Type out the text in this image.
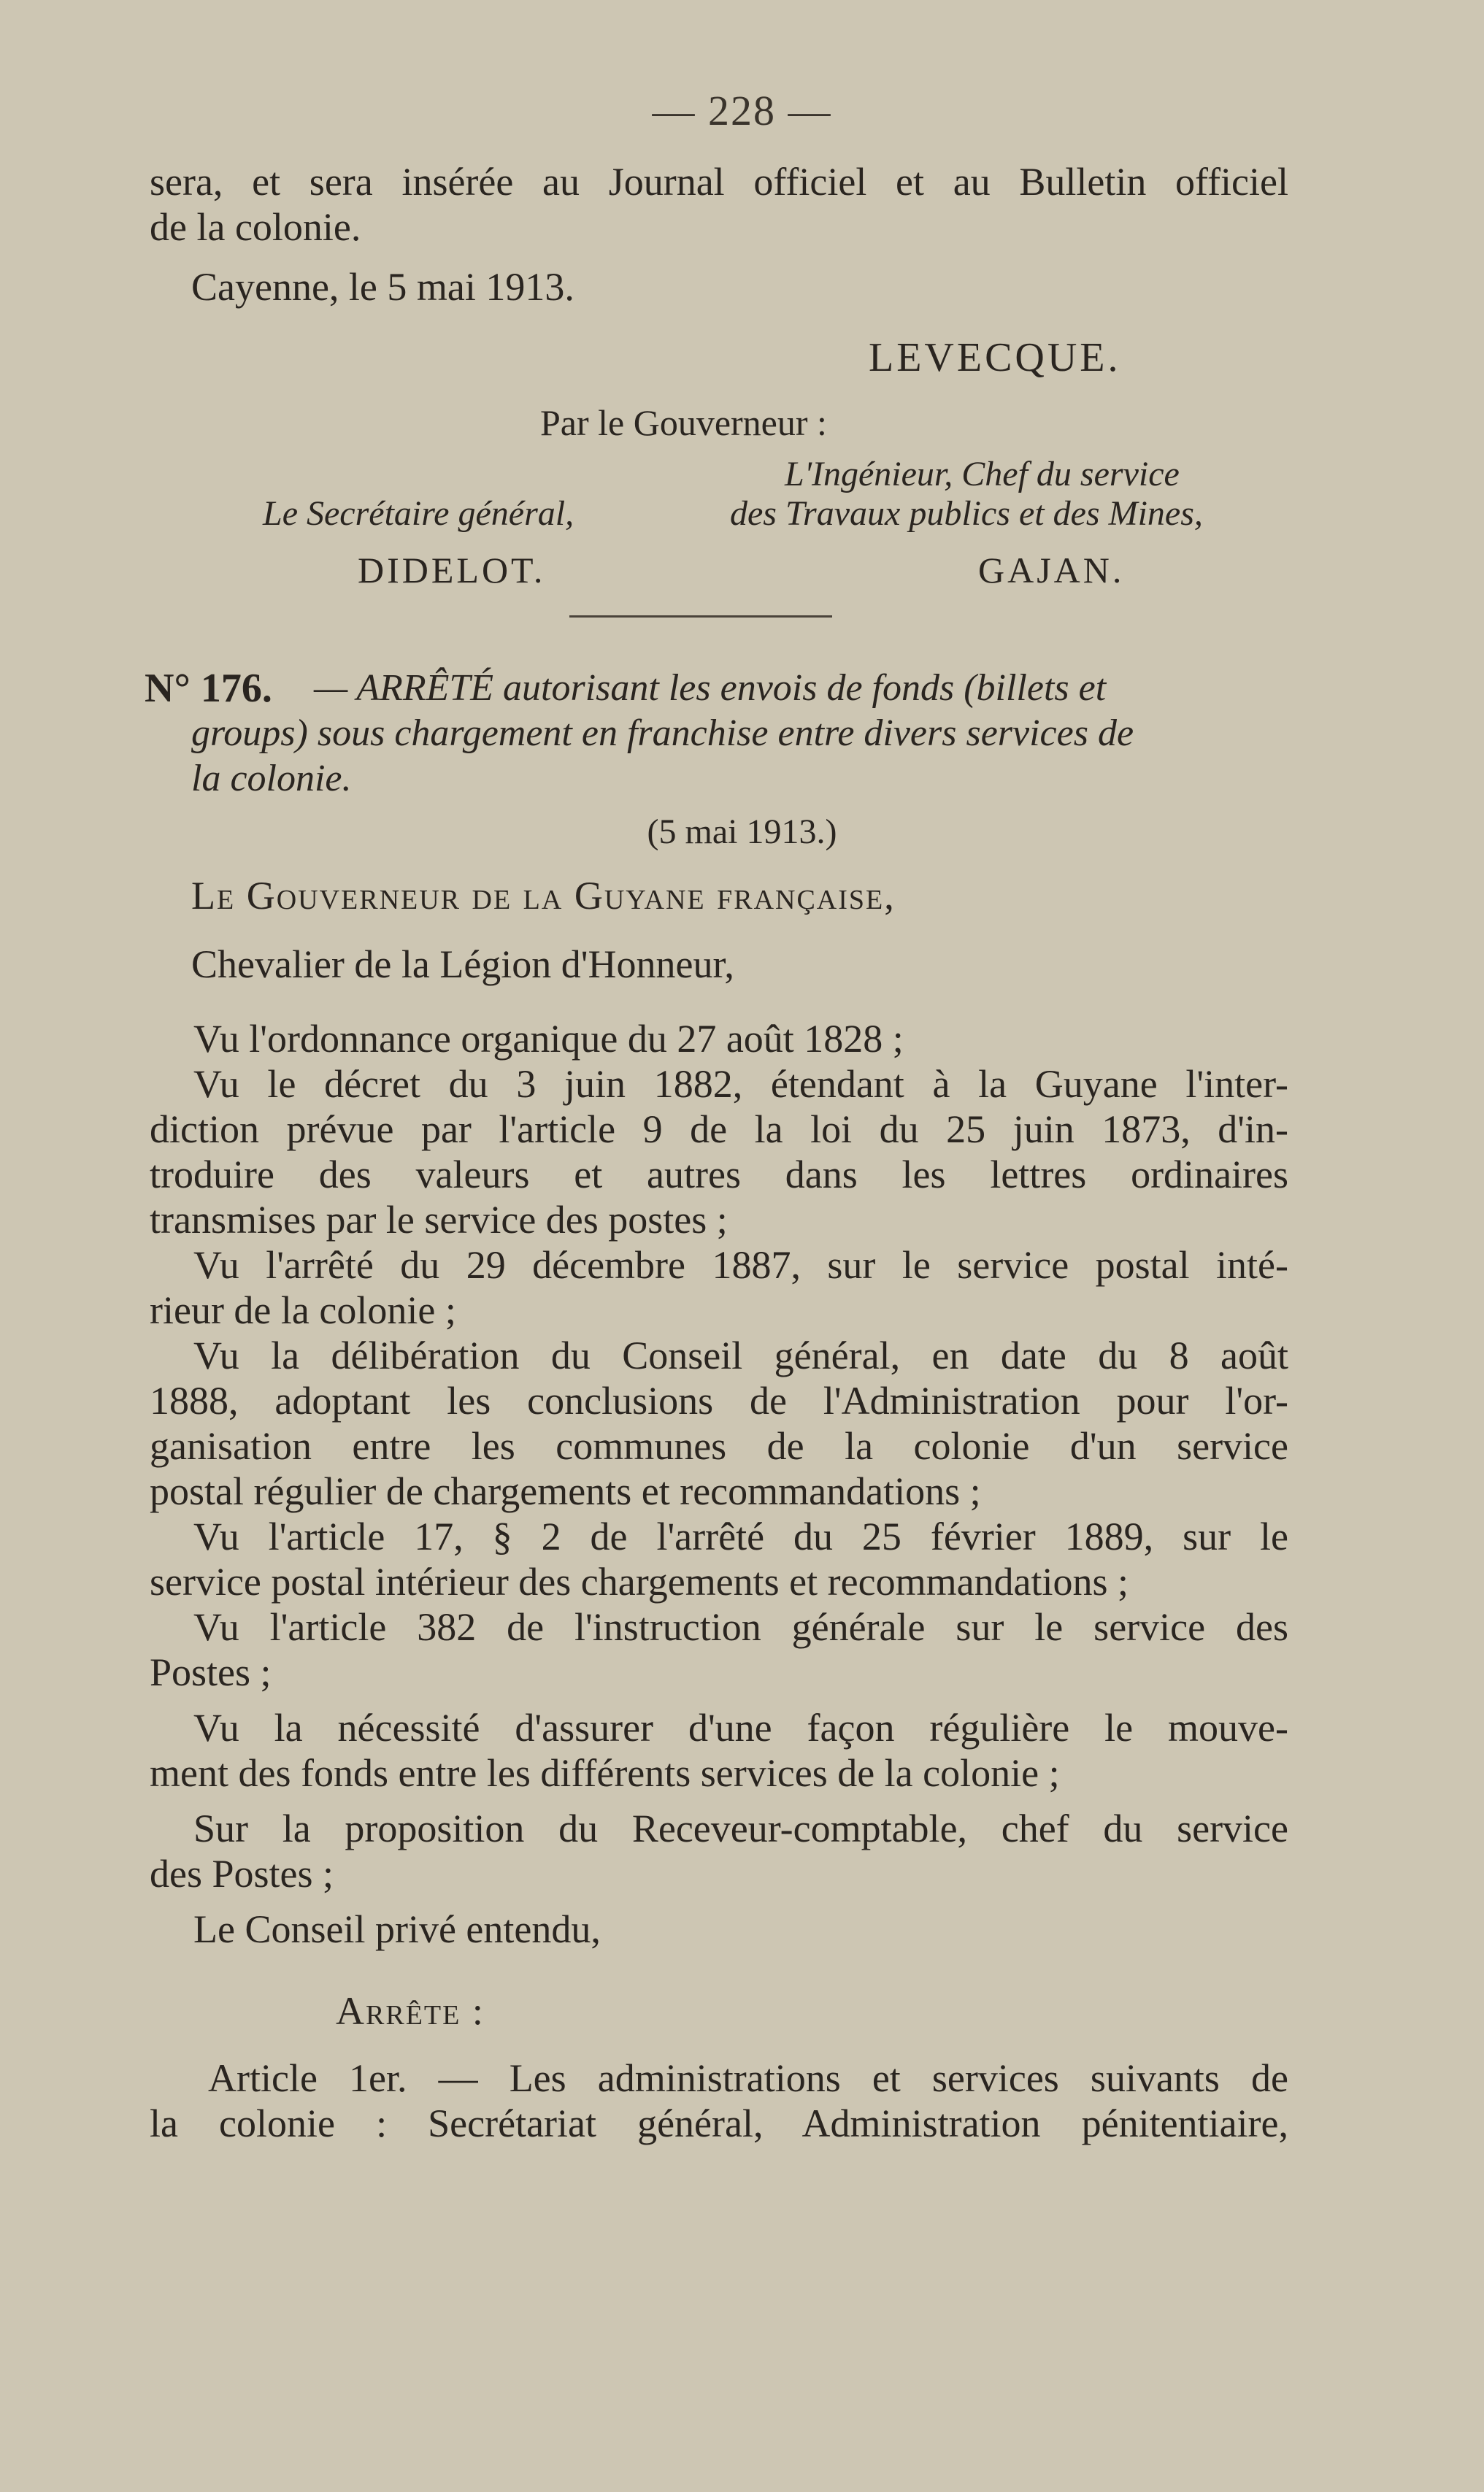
— 228 —
sera, et sera insérée au Journal officiel et au Bulletin officiel
de la colonie.
Cayenne, le 5 mai 1913.
LEVECQUE.
Par le Gouverneur :
L'Ingénieur, Chef du service
Le Secrétaire général,	des Travaux publics et des Mines,
DIDELOT.	GAJAN.
N° 176. — ARRÊTÉ autorisant les envois de fonds (billets et
groups) sous chargement en franchise entre divers services de
la colonie.
(5 mai 1913.)
Le Gouverneur de la Guyane française,
Chevalier de la Légion d'Honneur,
Vu l'ordonnance organique du 27 août 1828 ;
Vu le décret du 3 juin 1882, étendant à la Guyane l'inter-
diction prévue par l'article 9 de la loi du 25 juin 1873, d'in-
troduire des valeurs et autres dans les lettres ordinaires
transmises par le service des postes ;
Vu l'arrêté du 29 décembre 1887, sur le service postal inté-
rieur de la colonie ;
Vu la délibération du Conseil général, en date du 8 août
1888, adoptant les conclusions de l'Administration pour l'or-
ganisation entre les communes de la colonie d'un service
postal régulier de chargements et recommandations ;
Vu l'article 17, § 2 de l'arrêté du 25 février 1889, sur le
service postal intérieur des chargements et recommandations ;
Vu l'article 382 de l'instruction générale sur le service des
Postes ;
Vu la nécessité d'assurer d'une façon régulière le mouve-
ment des fonds entre les différents services de la colonie ;
Sur la proposition du Receveur-comptable, chef du service
des Postes ;
Le Conseil privé entendu,
Arrête :
Article 1er. — Les administrations et services suivants de
la colonie : Secrétariat général, Administration pénitentiaire,
